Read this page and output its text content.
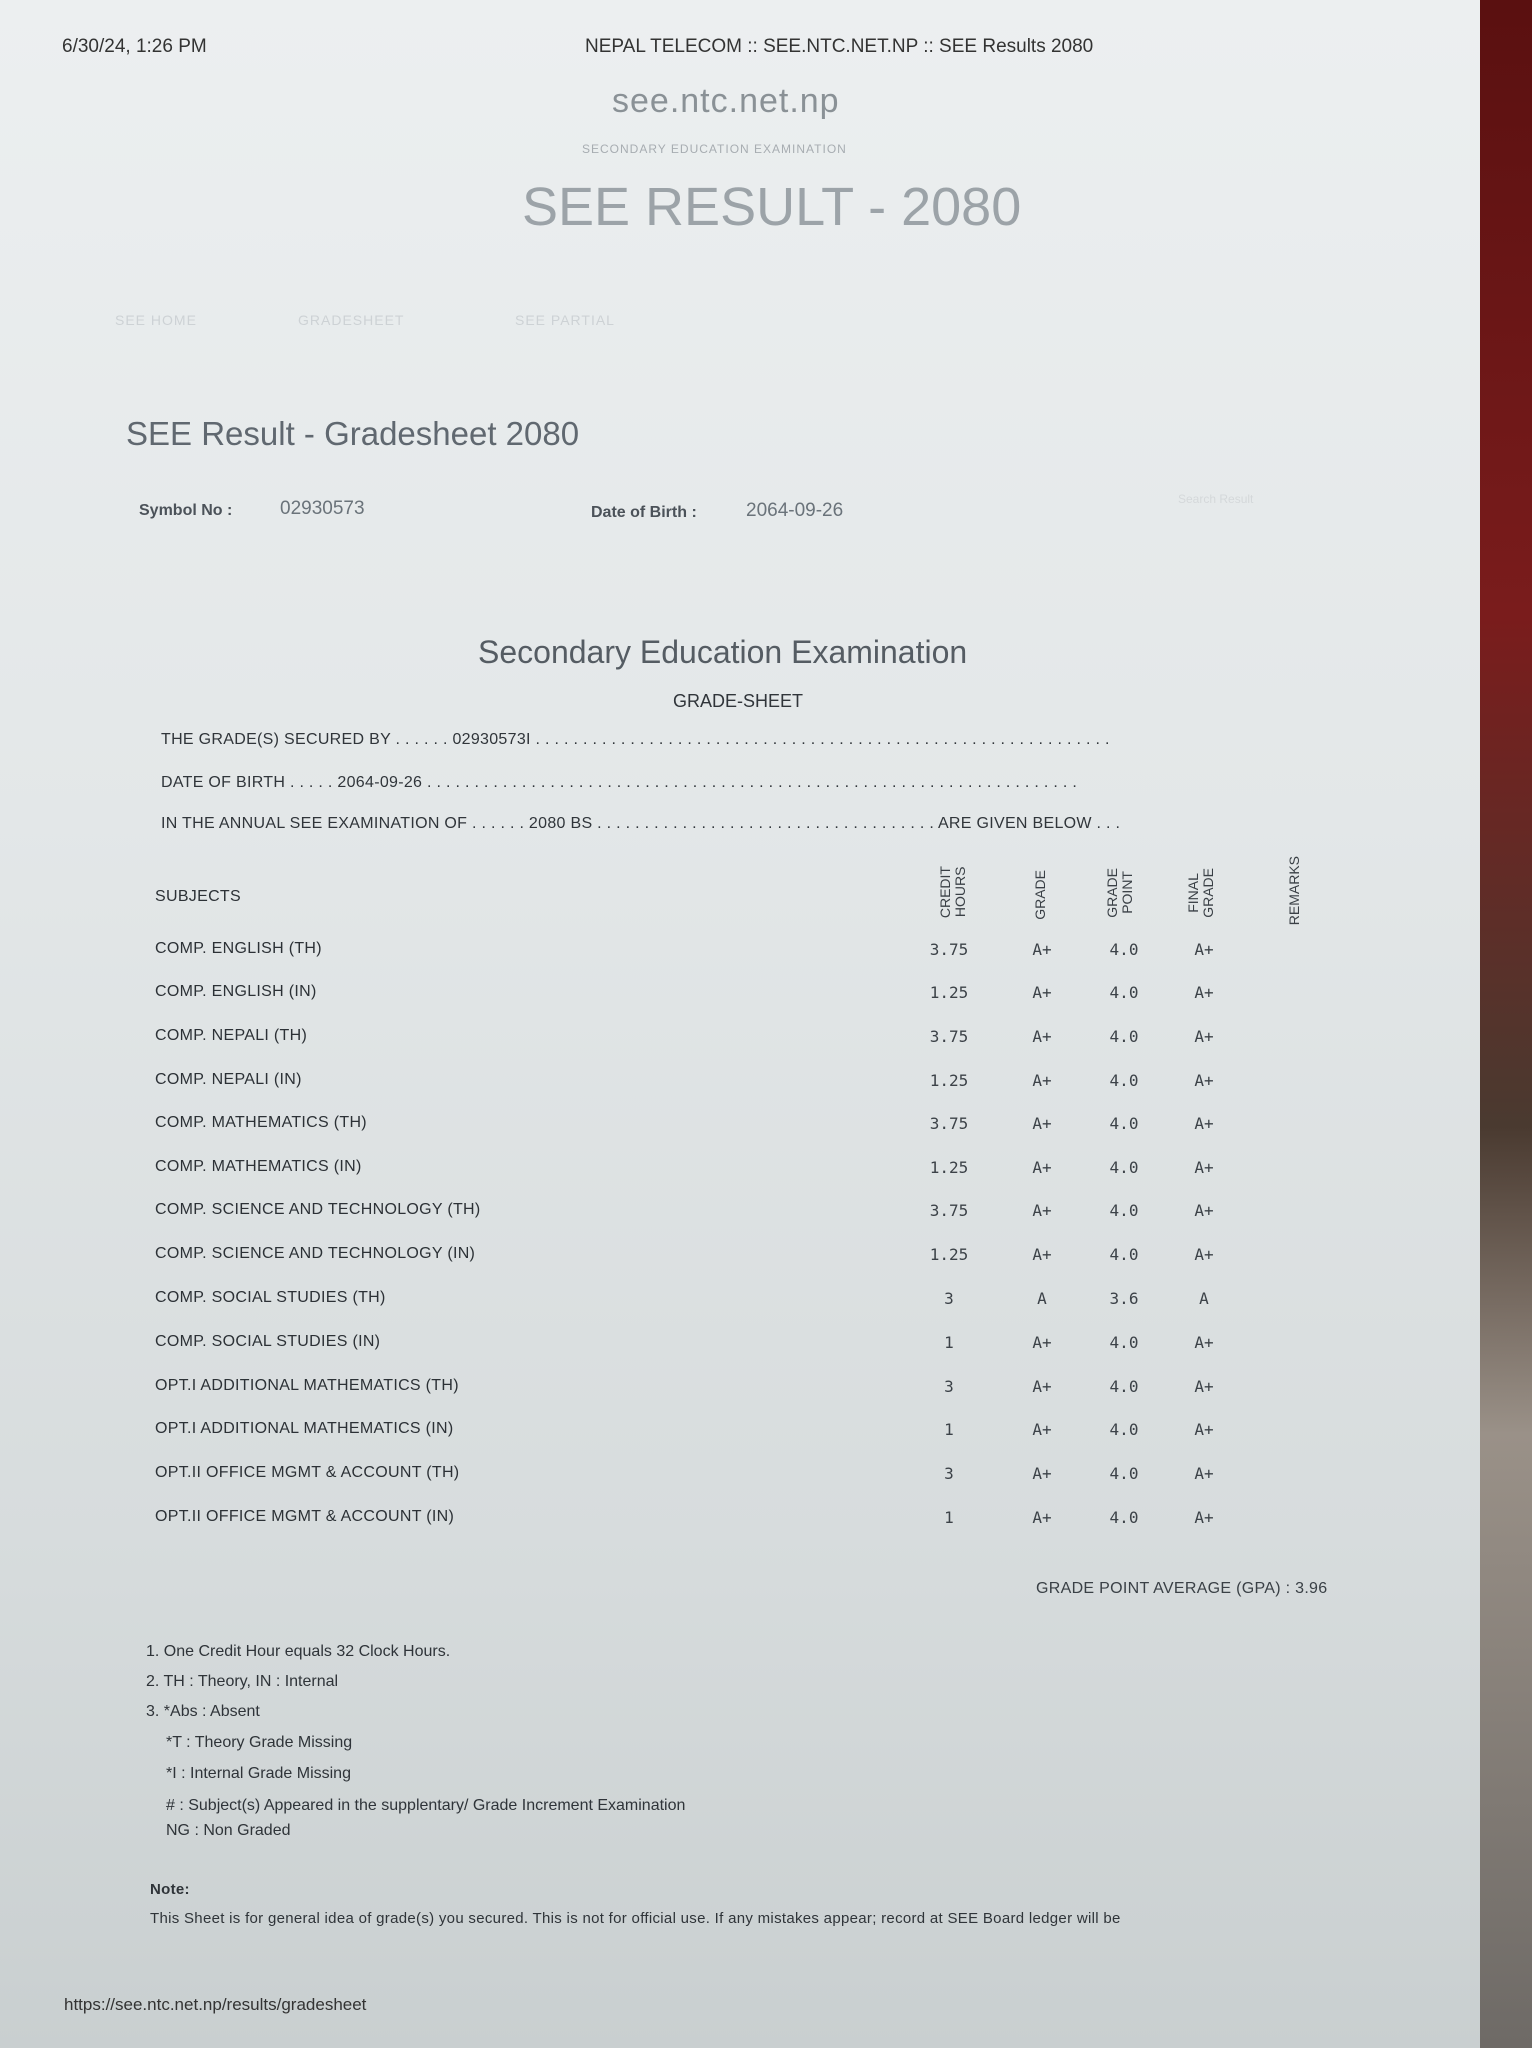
6/30/24, 1:26 PM	NEPAL TELECOM :: SEE.NTC.NET.NP :: SEE Results 2080
see.ntc.net.np
SECONDARY EDUCATION EXAMINATION
SEE RESULT - 2080
SEE HOME	GRADESHEET	SEE PARTIAL
SEE Result - Gradesheet 2080
Symbol No :	02930573	Date of Birth :	2064-09-26
Search Result
Secondary Education Examination
GRADE-SHEET
THE GRADE(S) SECURED BY . . . . . . 02930573I . . . . . . . . . . . . . . . . . . . . . . . . . . . . . . . . . . . . . . . . . . . . . . . . . . . . . . . . . . . . .
DATE OF BIRTH . . . . . 2064-09-26 . . . . . . . . . . . . . . . . . . . . . . . . . . . . . . . . . . . . . . . . . . . . . . . . . . . . . . . . . . . . . . . . . . . . .
IN THE ANNUAL SEE EXAMINATION OF . . . . . . 2080 BS . . . . . . . . . . . . . . . . . . . . . . . . . . . . . . . . . . . . ARE GIVEN BELOW . . .
SUBJECTS	CREDIT HOURS	GRADE	GRADE POINT	FINAL GRADE	REMARKS
COMP. ENGLISH (TH)	3.75	A+	4.0	A+
COMP. ENGLISH (IN)	1.25	A+	4.0	A+
COMP. NEPALI (TH)	3.75	A+	4.0	A+
COMP. NEPALI (IN)	1.25	A+	4.0	A+
COMP. MATHEMATICS (TH)	3.75	A+	4.0	A+
COMP. MATHEMATICS (IN)	1.25	A+	4.0	A+
COMP. SCIENCE AND TECHNOLOGY (TH)	3.75	A+	4.0	A+
COMP. SCIENCE AND TECHNOLOGY (IN)	1.25	A+	4.0	A+
COMP. SOCIAL STUDIES (TH)	3	A	3.6	A
COMP. SOCIAL STUDIES (IN)	1	A+	4.0	A+
OPT.I ADDITIONAL MATHEMATICS (TH)	3	A+	4.0	A+
OPT.I ADDITIONAL MATHEMATICS (IN)	1	A+	4.0	A+
OPT.II OFFICE MGMT & ACCOUNT (TH)	3	A+	4.0	A+
OPT.II OFFICE MGMT & ACCOUNT (IN)	1	A+	4.0	A+
GRADE POINT AVERAGE (GPA) : 3.96
1. One Credit Hour equals 32 Clock Hours.
2. TH : Theory, IN : Internal
3. *Abs : Absent
*T : Theory Grade Missing
*I : Internal Grade Missing
# : Subject(s) Appeared in the supplentary/ Grade Increment Examination
NG : Non Graded
Note:
This Sheet is for general idea of grade(s) you secured. This is not for official use. If any mistakes appear; record at SEE Board ledger will be
https://see.ntc.net.np/results/gradesheet
